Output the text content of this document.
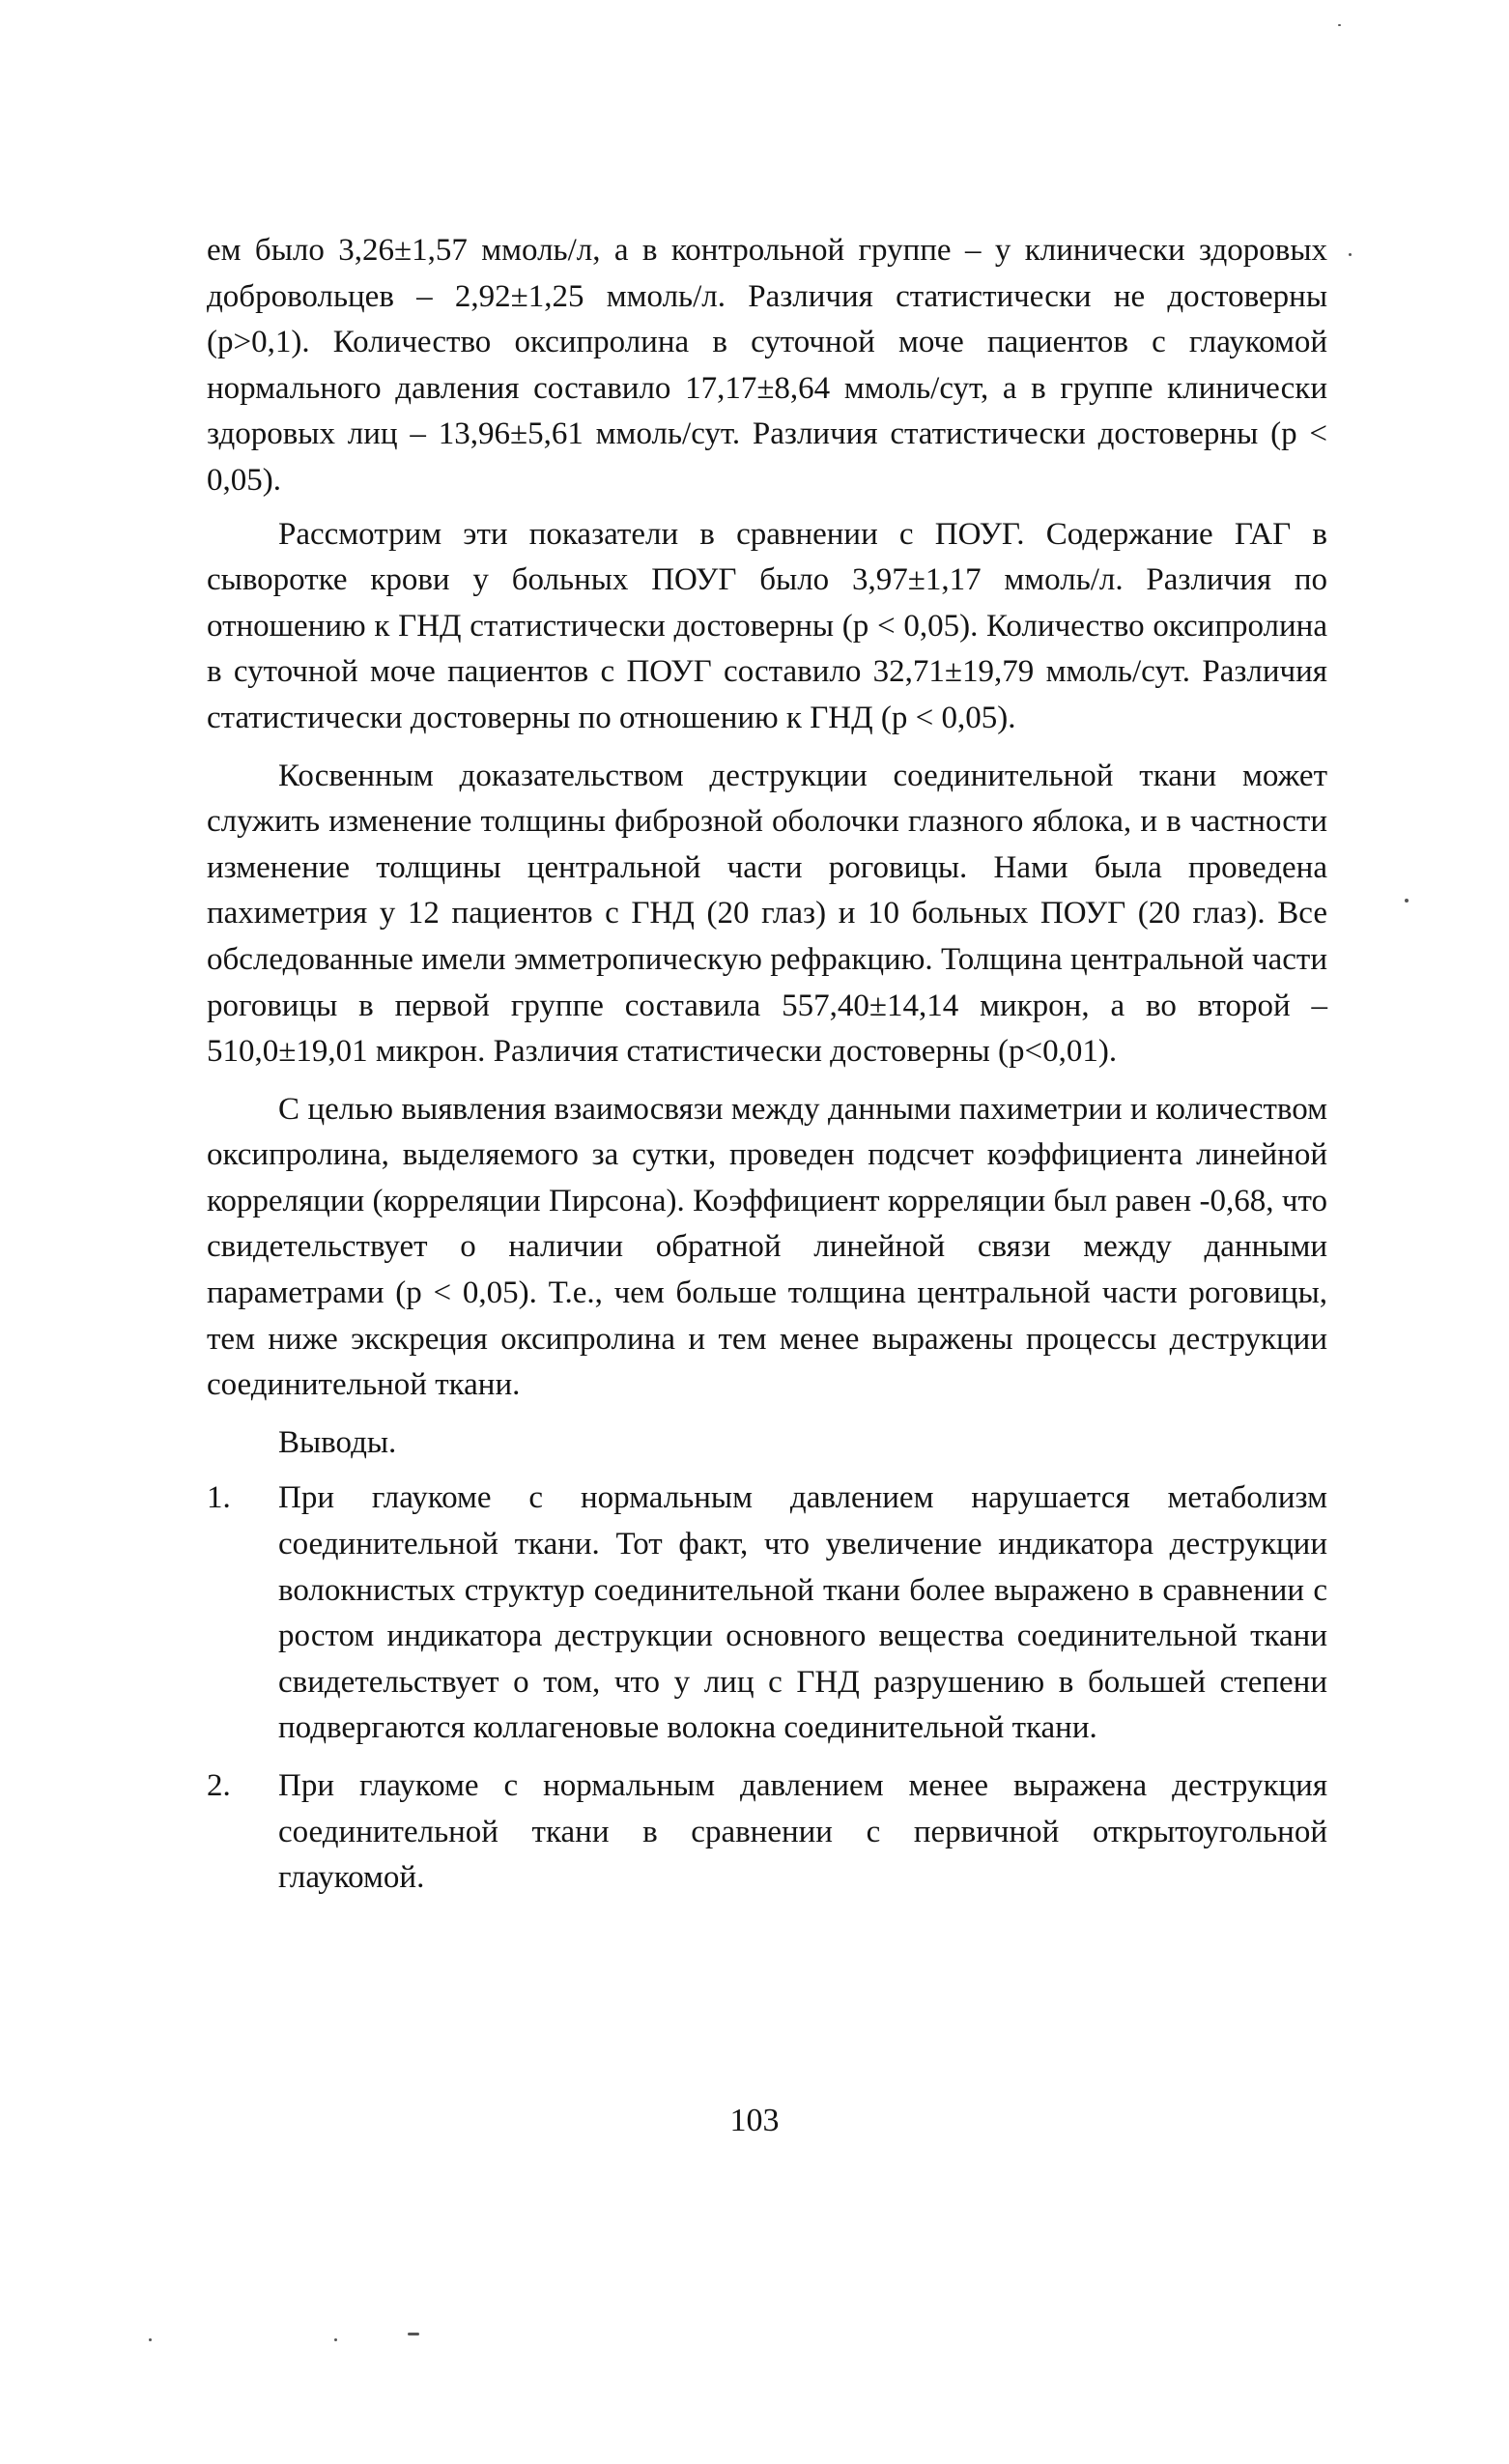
ем было 3,26±1,57 ммоль/л, а в контрольной группе – у клинически здоровых добровольцев – 2,92±1,25 ммоль/л. Различия статистически не достоверны (p>0,1). Количество оксипролина в суточной моче пациентов с глаукомой нормального давления составило 17,17±8,64 ммоль/сут, а в группе клинически здоровых лиц – 13,96±5,61 ммоль/сут. Различия статистически достоверны (p < 0,05).

Рассмотрим эти показатели в сравнении с ПОУГ. Содержание ГАГ в сыворотке крови у больных ПОУГ было 3,97±1,17 ммоль/л. Различия по отношению к ГНД статистически достоверны (p < 0,05). Количество оксипролина в суточной моче пациентов с ПОУГ составило 32,71±19,79 ммоль/сут. Различия статистически достоверны по отношению к ГНД (p < 0,05).

Косвенным доказательством деструкции соединительной ткани может служить изменение толщины фиброзной оболочки глазного яблока, и в частности изменение толщины центральной части роговицы. Нами была проведена пахиметрия у 12 пациентов с ГНД (20 глаз) и 10 больных ПОУГ (20 глаз). Все обследованные имели эмметропическую рефракцию. Толщина центральной части роговицы в первой группе составила 557,40±14,14 микрон, а во второй – 510,0±19,01 микрон. Различия статистически достоверны (p<0,01).

С целью выявления взаимосвязи между данными пахиметрии и количеством оксипролина, выделяемого за сутки, проведен подсчет коэффициента линейной корреляции (корреляции Пирсона). Коэффициент корреляции был равен -0,68, что свидетельствует о наличии обратной линейной связи между данными параметрами (p < 0,05). Т.е., чем больше толщина центральной части роговицы, тем ниже экскреция оксипролина и тем менее выражены процессы деструкции соединительной ткани.

Выводы.

1. При глаукоме с нормальным давлением нарушается метаболизм соединительной ткани. Тот факт, что увеличение индикатора деструкции волокнистых структур соединительной ткани более выражено в сравнении с ростом индикатора деструкции основного вещества соединительной ткани свидетельствует о том, что у лиц с ГНД разрушению в большей степени подвергаются коллагеновые волокна соединительной ткани.
2. При глаукоме с нормальным давлением менее выражена деструкция соединительной ткани в сравнении с первичной открытоугольной глаукомой.
103
